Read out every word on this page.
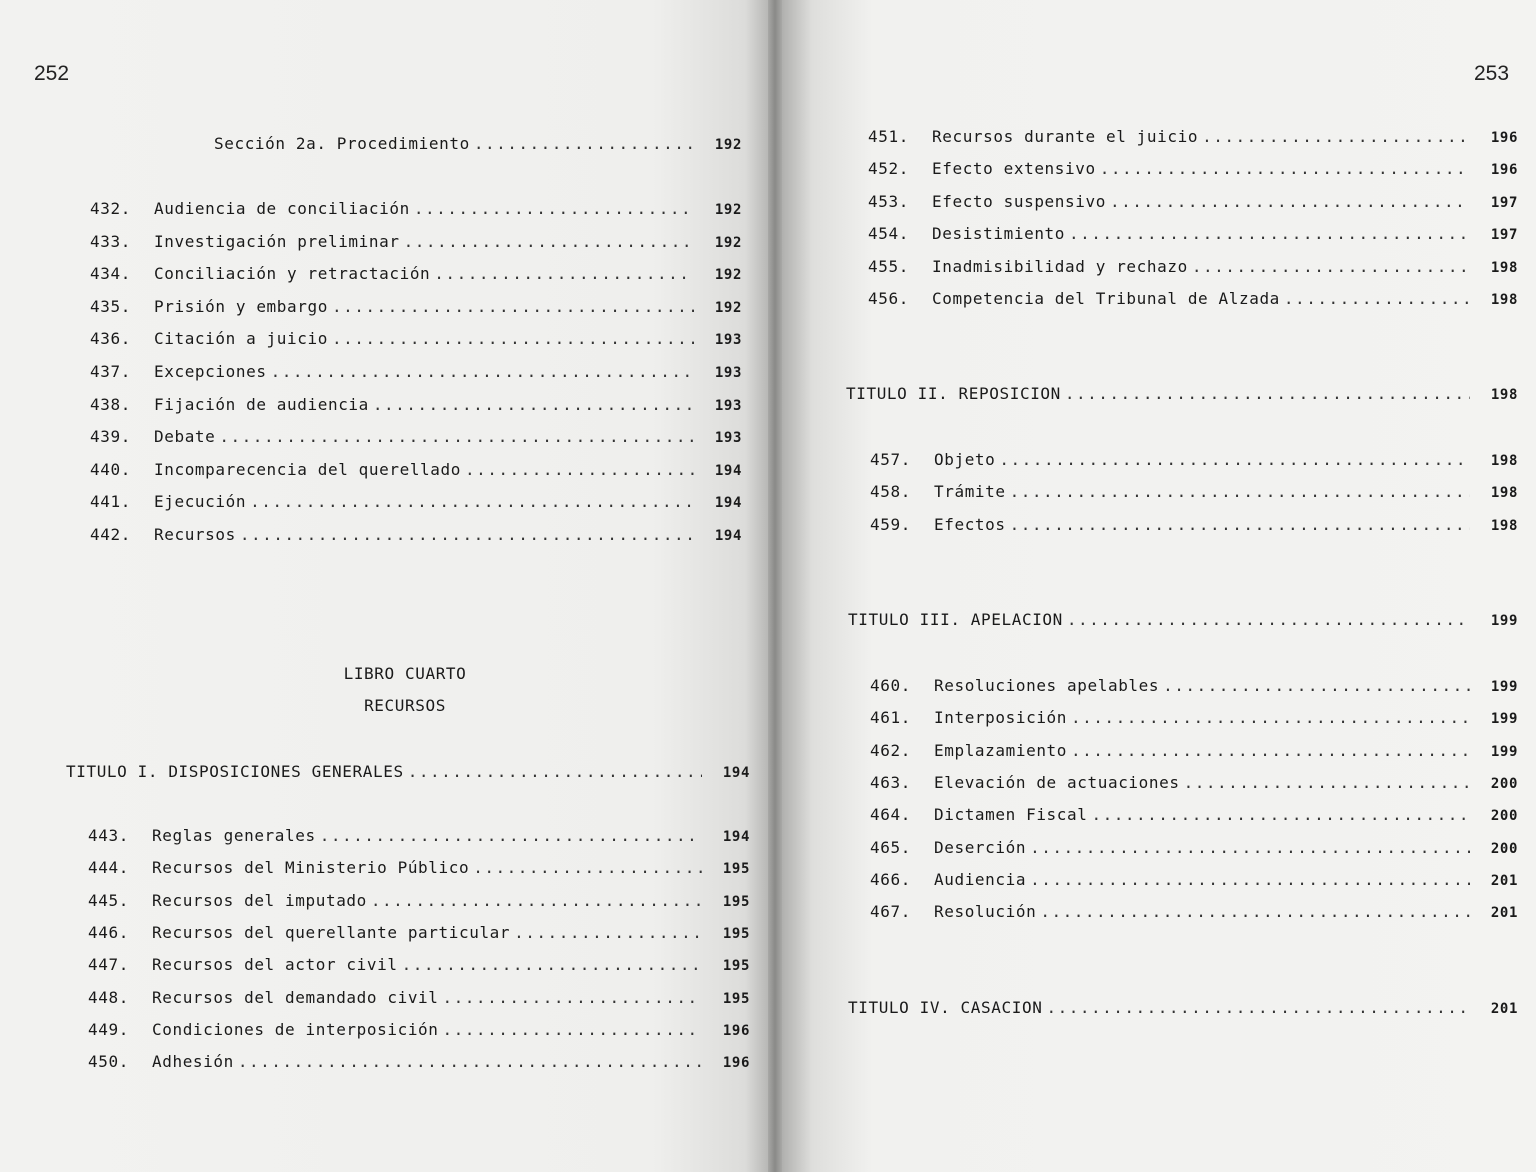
252
Sección 2a. Procedimiento .....	192
432.	Audiencia de conciliación .....	192
433.	Investigación preliminar .....	192
434.	Conciliación y retractación .....	192
435.	Prisión y embargo .....	192
436.	Citación a juicio .....	193
437.	Excepciones .....	193
438.	Fijación de audiencia .....	193
439.	Debate .....	193
440.	Incomparecencia del querellado .....	194
441.	Ejecución .....	194
442.	Recursos .....	194
LIBRO CUARTO
RECURSOS
TITULO I. DISPOSICIONES GENERALES .....	194
443.	Reglas generales .....	194
444.	Recursos del Ministerio Público .....	195
445.	Recursos del imputado .....	195
446.	Recursos del querellante particular .....	195
447.	Recursos del actor civil .....	195
448.	Recursos del demandado civil .....	195
449.	Condiciones de interposición .....	196
450.	Adhesión .....	196
253
451.	Recursos durante el juicio .....	196
452.	Efecto extensivo .....	196
453.	Efecto suspensivo .....	197
454.	Desistimiento .....	197
455.	Inadmisibilidad y rechazo .....	198
456.	Competencia del Tribunal de Alzada .....	198
TITULO II. REPOSICION .....	198
457.	Objeto .....	198
458.	Trámite .....	198
459.	Efectos .....	198
TITULO III. APELACION .....	199
460.	Resoluciones apelables .....	199
461.	Interposición .....	199
462.	Emplazamiento .....	199
463.	Elevación de actuaciones .....	200
464.	Dictamen Fiscal .....	200
465.	Deserción .....	200
466.	Audiencia .....	201
467.	Resolución .....	201
TITULO IV. CASACION .....	201
